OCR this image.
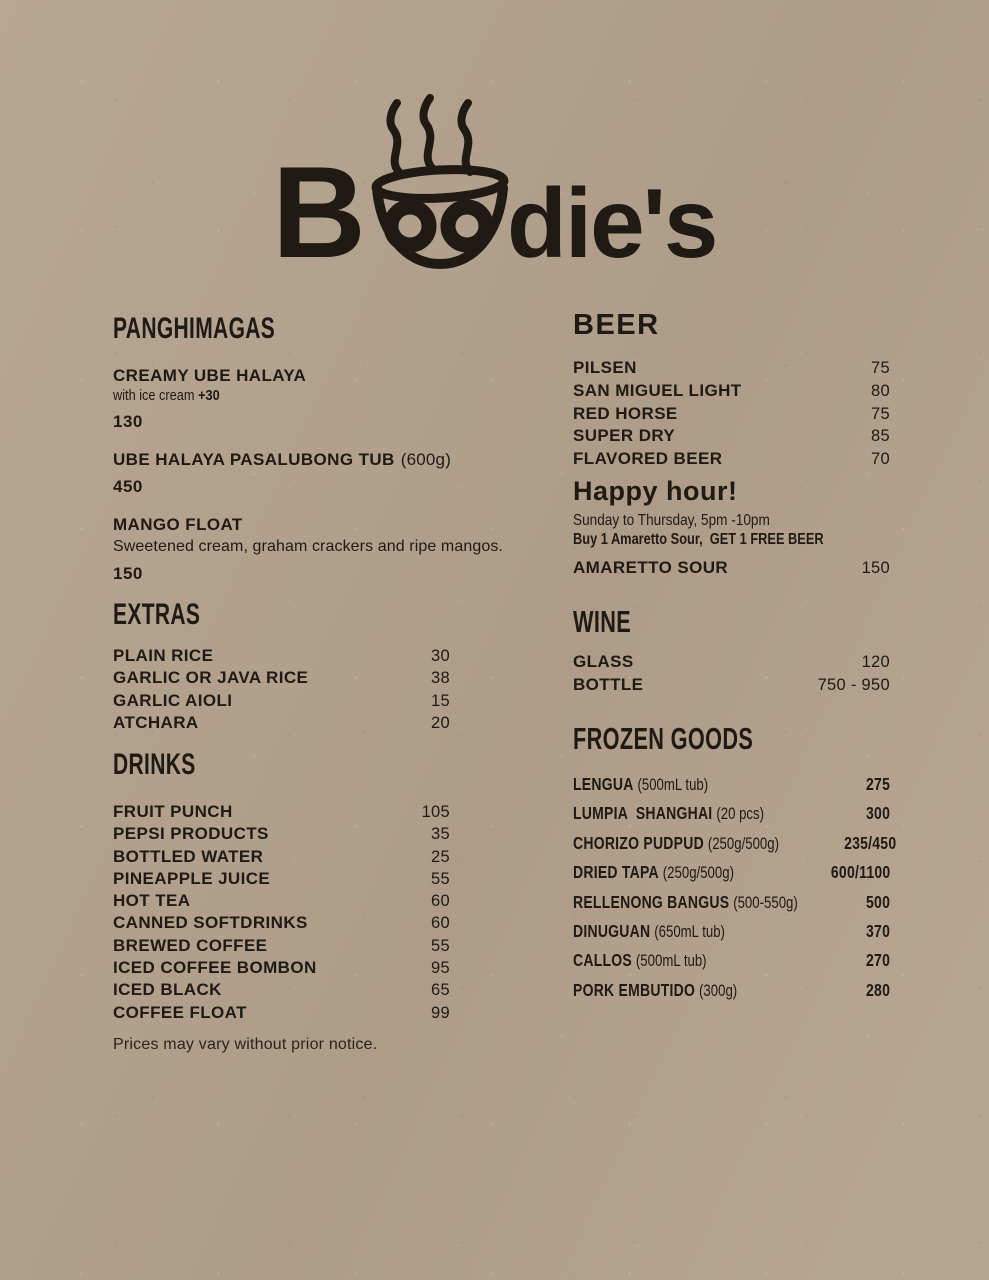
B die's
PANGHIMAGAS
CREAMY UBE HALAYA
with ice cream +30
130
UBE HALAYA PASALUBONG TUB (600g)
450
MANGO FLOAT
Sweetened cream, graham crackers and ripe mangos.
150
EXTRAS
PLAIN RICE	30
GARLIC OR JAVA RICE	38
GARLIC AIOLI	15
ATCHARA	20
DRINKS
FRUIT PUNCH	105
PEPSI PRODUCTS	35
BOTTLED WATER	25
PINEAPPLE JUICE	55
HOT TEA	60
CANNED SOFTDRINKS	60
BREWED COFFEE	55
ICED COFFEE BOMBON	95
ICED BLACK	65
COFFEE FLOAT	99
Prices may vary without prior notice.
BEER
PILSEN	75
SAN MIGUEL LIGHT	80
RED HORSE	75
SUPER DRY	85
FLAVORED BEER	70
Happy hour!
Sunday to Thursday, 5pm -10pm
Buy 1 Amaretto Sour,  GET 1 FREE BEER
AMARETTO SOUR	150
WINE
GLASS	120
BOTTLE	750 - 950
FROZEN GOODS
LENGUA (500mL tub)	275
LUMPIA  SHANGHAI (20 pcs)	300
CHORIZO PUDPUD (250g/500g)	235/450
DRIED TAPA (250g/500g)	600/1100
RELLENONG BANGUS (500-550g)	500
DINUGUAN (650mL tub)	370
CALLOS (500mL tub)	270
PORK EMBUTIDO (300g)	280
